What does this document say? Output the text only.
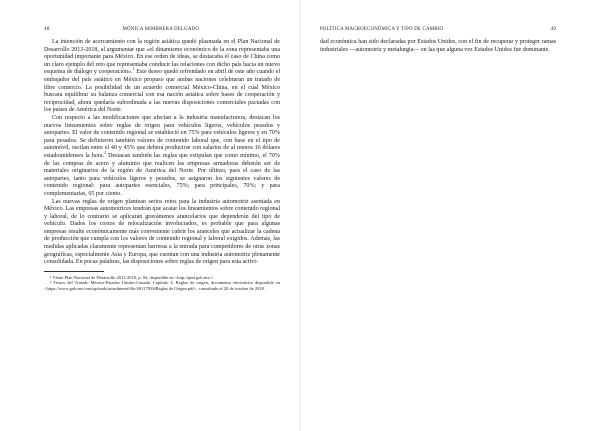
48	MÓNICA MIMBRERA DELGADO

La intención de acercamiento con la región asiática quedó plasmada en el Plan Nacional de Desarrollo 2013-2018, al argumentar que «el dinamismo económico de la zona representaba una oportunidad importante para México. En ese orden de ideas, se destacaba el caso de China como un claro ejemplo del reto que representaba conducir las relaciones con dicho país hacia un nuevo esquema de diálogo y cooperación».$^1$ Este deseo quedó refrendado en abril de este año cuando el embajador del país asiático en México propuso que ambas naciones celebraran un tratado de libre comercio. La posibilidad de un acuerdo comercial México-China, en el cual México buscara equilibrar su balanza comercial con esa nación asiática sobre bases de cooperación y reciprocidad, ahora quedaría subordinada a las nuevas disposiciones comerciales pactadas con los países de América del Norte.

Con respecto a las modificaciones que afectan a la industria manufacturera, destacan los nuevos lineamientos sobre reglas de origen para vehículos ligeros, vehículos pesados y autopartes. El valor de contenido regional se estableció en 75% para vehículos ligeros y en 70% para pesados. Se definieron también valores de contenido laboral que, con base en el tipo de automóvil, oscilan entre el 40 y 45% que deberá producirse con salarios de al menos 16 dólares estadounidenses la hora.$^2$ Destacan también las reglas que estipulan que como mínimo, el 70% de las compras de acero y aluminio que realicen las empresas armadoras deberán ser de materiales originarios de la región de América del Norte. Por último, para el caso de las autopartes, tanto para vehículos ligeros y pesados, se asignaron los siguientes valores de contenido regional: para autopartes esenciales, 75%; para principales, 70%; y para complementarias, 65 por ciento.

Las nuevas reglas de origen plantean serios retos para la industria automotriz asentada en México. Las empresas automotrices tendrán que acatar los lineamientos sobre contenido regional y laboral, de lo contrario se aplicarán gravámenes arancelarios que dependerán del tipo de vehículo. Dados los costos de relocalización involucrados, es probable que para algunas empresas resulte económicamente más conveniente cubrir los aranceles que actualizar la cadena de producción que cumpla con los valores de contenido regional y laboral exigidos. Además, las medidas aplicadas claramente representan barreras a la entrada para competidores de otras zonas geográficas, especialmente Asia y Europa, que cuentan con una industria automotriz plenamente consolidada. En pocas palabras, las disposiciones sobre reglas de origen para esta activi-

¹ Véase Plan Nacional de Desarrollo 2013-2018, p. 94, disponible en <http://pnd.gob.mx/>.

² Textos del Tratado México-Estados Unidos-Canadá. Capítulo 4. Reglas de origen, documento electrónico disponible en <https://www.gob.mx/cms/uploads/attachment/file/401178/04Reglas de Origen.pdf>, consultado el 20 de octubre de 2018.

POLÍTICA MACROECONÓMICA Y TIPO DE CAMBIO	49

dad económica han sido declaradas por Estados Unidos, con el fin de recuperar y proteger ramas industriales —automotriz y metalurgia— en las que alguna vez Estados Unidos fue dominante.
